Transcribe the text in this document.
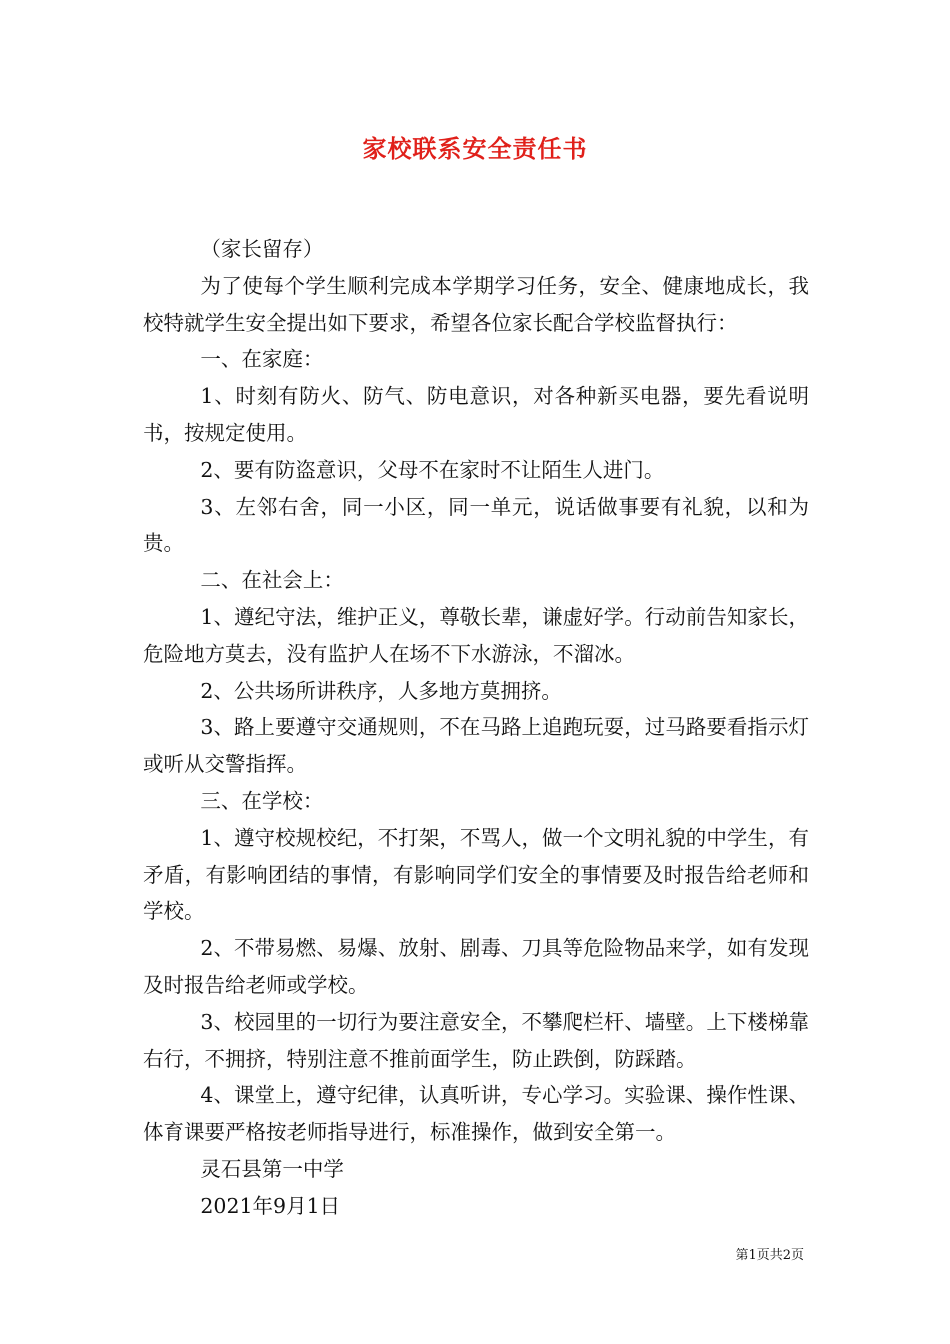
家校联系安全责任书

（家长留存）

为了使每个学生顺利完成本学期学习任务，安全、健康地成长，我校特就学生安全提出如下要求，希望各位家长配合学校监督执行：

一、在家庭：

1、时刻有防火、防气、防电意识，对各种新买电器，要先看说明书，按规定使用。

2、要有防盗意识，父母不在家时不让陌生人进门。

3、左邻右舍，同一小区，同一单元，说话做事要有礼貌，以和为贵。

二、在社会上：

1、遵纪守法，维护正义，尊敬长辈，谦虚好学。行动前告知家长，危险地方莫去，没有监护人在场不下水游泳，不溜冰。

2、公共场所讲秩序，人多地方莫拥挤。

3、路上要遵守交通规则，不在马路上追跑玩耍，过马路要看指示灯或听从交警指挥。

三、在学校：

1、遵守校规校纪，不打架，不骂人，做一个文明礼貌的中学生，有矛盾，有影响团结的事情，有影响同学们安全的事情要及时报告给老师和学校。

2、不带易燃、易爆、放射、剧毒、刀具等危险物品来学，如有发现及时报告给老师或学校。

3、校园里的一切行为要注意安全，不攀爬栏杆、墙壁。上下楼梯靠右行，不拥挤，特别注意不推前面学生，防止跌倒，防踩踏。

4、课堂上，遵守纪律，认真听讲，专心学习。实验课、操作性课、体育课要严格按老师指导进行，标准操作，做到安全第一。

灵石县第一中学

2021年9月1日

第1页共2页
